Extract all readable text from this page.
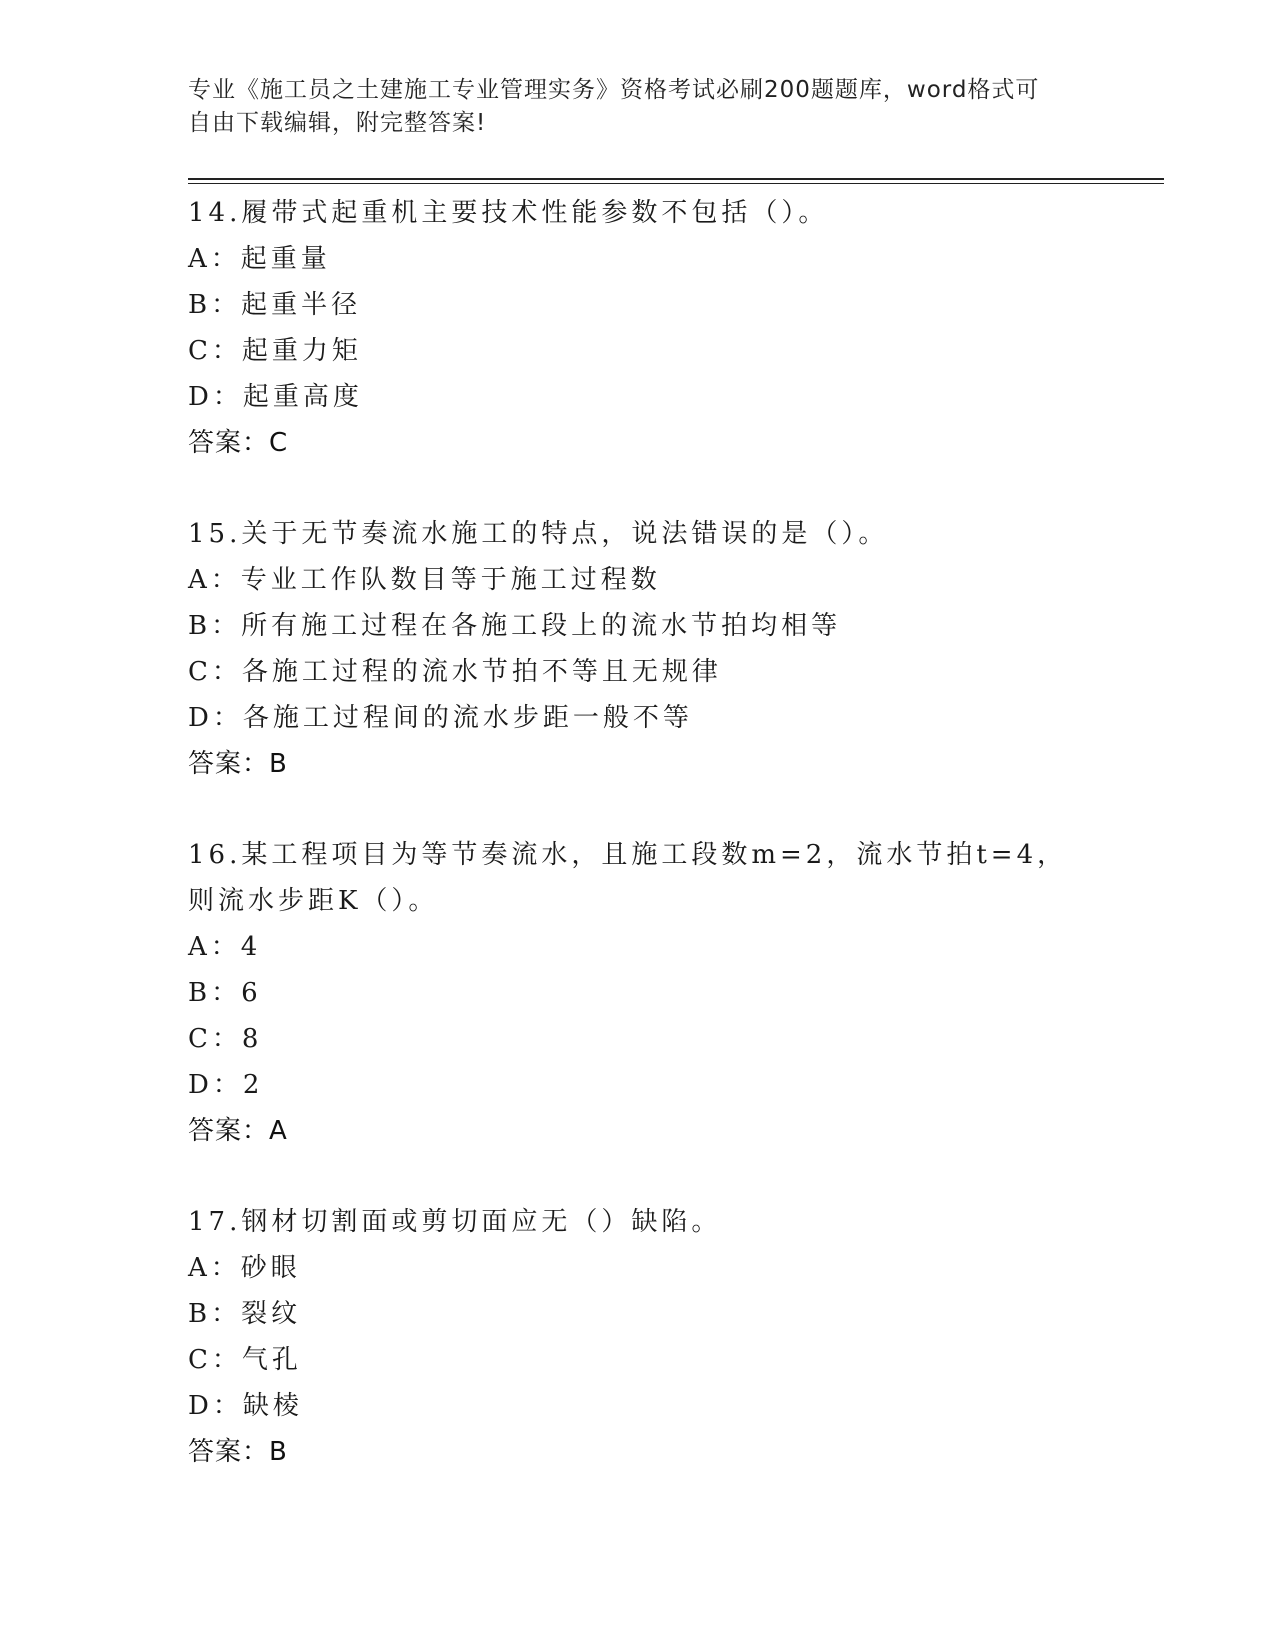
专业《施工员之土建施工专业管理实务》资格考试必刷200题题库，word格式可
自由下载编辑，附完整答案!

14.履带式起重机主要技术性能参数不包括（）。

A：起重量

B：起重半径

C：起重力矩

D：起重高度

答案：C

15.关于无节奏流水施工的特点，说法错误的是（）。

A：专业工作队数目等于施工过程数

B：所有施工过程在各施工段上的流水节拍均相等

C：各施工过程的流水节拍不等且无规律

D：各施工过程间的流水步距一般不等

答案：B

16.某工程项目为等节奏流水，且施工段数m=2，流水节拍t=4，则流水步距K（）。

A：4

B：6

C：8

D：2

答案：A

17.钢材切割面或剪切面应无（）缺陷。

A：砂眼

B：裂纹

C：气孔

D：缺棱

答案：B
